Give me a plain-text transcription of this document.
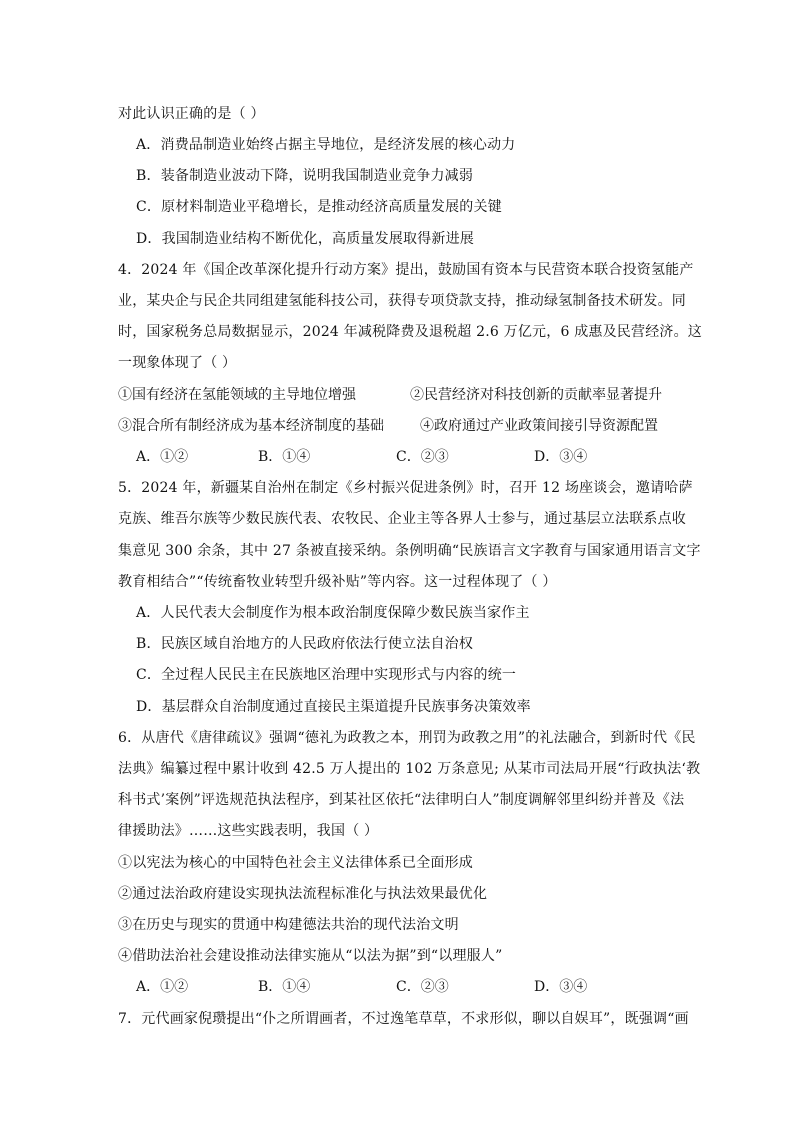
对此认识正确的是（ ）
A．消费品制造业始终占据主导地位，是经济发展的核心动力
B．装备制造业波动下降，说明我国制造业竞争力减弱
C．原材料制造业平稳增长，是推动经济高质量发展的关键
D．我国制造业结构不断优化，高质量发展取得新进展
4．2024 年《国企改革深化提升行动方案》提出，鼓励国有资本与民营资本联合投资氢能产
业，某央企与民企共同组建氢能科技公司，获得专项贷款支持，推动绿氢制备技术研发。同
时，国家税务总局数据显示，2024 年减税降费及退税超 2.6 万亿元，6 成惠及民营经济。这
一现象体现了（ ）
①国有经济在氢能领域的主导地位增强	②民营经济对科技创新的贡献率显著提升
③混合所有制经济成为基本经济制度的基础	④政府通过产业政策间接引导资源配置
A．①②	B．①④	C．②③	D．③④
5．2024 年，新疆某自治州在制定《乡村振兴促进条例》时，召开 12 场座谈会，邀请哈萨
克族、维吾尔族等少数民族代表、农牧民、企业主等各界人士参与，通过基层立法联系点收
集意见 300 余条，其中 27 条被直接采纳。条例明确“民族语言文字教育与国家通用语言文字
教育相结合”“传统畜牧业转型升级补贴”等内容。这一过程体现了（ ）
A．人民代表大会制度作为根本政治制度保障少数民族当家作主
B．民族区域自治地方的人民政府依法行使立法自治权
C．全过程人民民主在民族地区治理中实现形式与内容的统一
D．基层群众自治制度通过直接民主渠道提升民族事务决策效率
6．从唐代《唐律疏议》强调“德礼为政教之本，刑罚为政教之用”的礼法融合，到新时代《民
法典》编纂过程中累计收到 42.5 万人提出的 102 万条意见; 从某市司法局开展“行政执法‘教
科书式’案例”评选规范执法程序，到某社区依托“法律明白人”制度调解邻里纠纷并普及《法
律援助法》……这些实践表明，我国（ ）
①以宪法为核心的中国特色社会主义法律体系已全面形成
②通过法治政府建设实现执法流程标准化与执法效果最优化
③在历史与现实的贯通中构建德法共治的现代法治文明
④借助法治社会建设推动法律实施从“以法为据”到“以理服人”
A．①②	B．①④	C．②③	D．③④
7．元代画家倪瓒提出“仆之所谓画者，不过逸笔草草，不求形似，聊以自娱耳”，既强调“画
